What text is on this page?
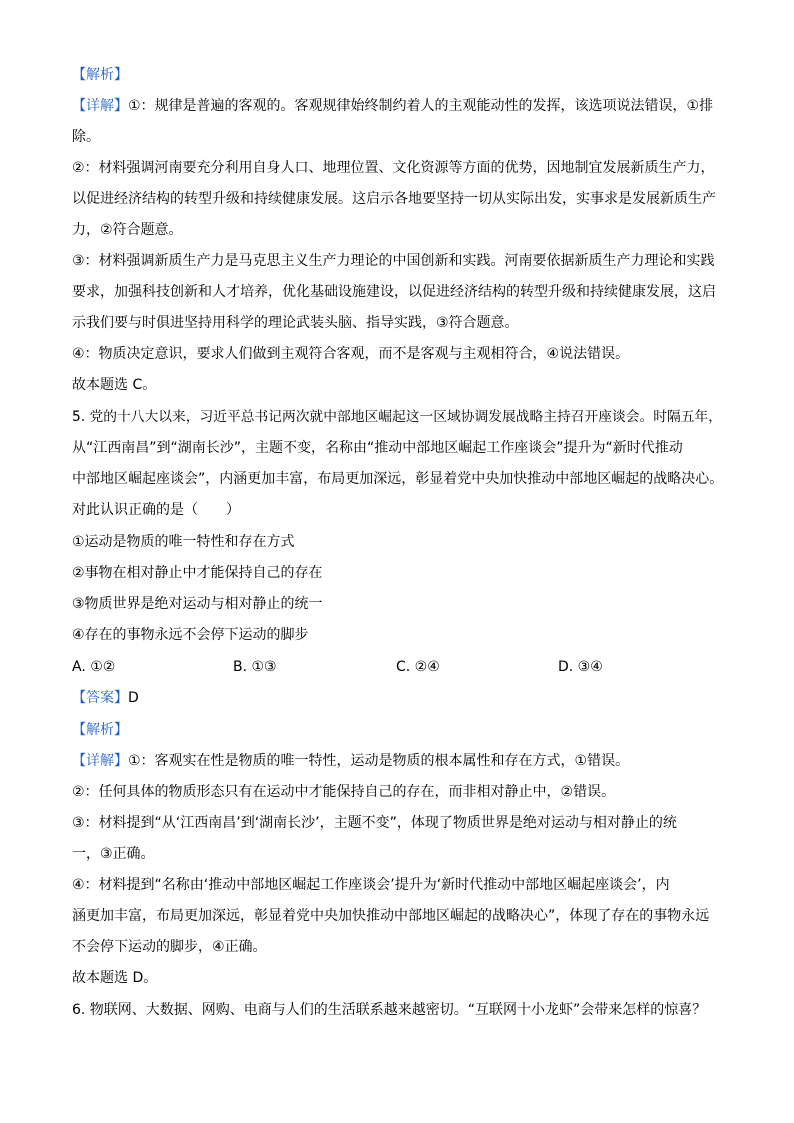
【解析】
【详解】①：规律是普遍的客观的。客观规律始终制约着人的主观能动性的发挥，该选项说法错误，①排
除。
②：材料强调河南要充分利用自身人口、地理位置、文化资源等方面的优势，因地制宜发展新质生产力，
以促进经济结构的转型升级和持续健康发展。这启示各地要坚持一切从实际出发，实事求是发展新质生产
力，②符合题意。
③：材料强调新质生产力是马克思主义生产力理论的中国创新和实践。河南要依据新质生产力理论和实践
要求，加强科技创新和人才培养，优化基础设施建设，以促进经济结构的转型升级和持续健康发展，这启
示我们要与时俱进坚持用科学的理论武装头脑、指导实践，③符合题意。
④：物质决定意识，要求人们做到主观符合客观，而不是客观与主观相符合，④说法错误。
故本题选 C。
5. 党的十八大以来，习近平总书记两次就中部地区崛起这一区域协调发展战略主持召开座谈会。时隔五年，
从“江西南昌”到“湖南长沙”，主题不变，名称由“推动中部地区崛起工作座谈会”提升为“新时代推动
中部地区崛起座谈会”，内涵更加丰富，布局更加深远，彰显着党中央加快推动中部地区崛起的战略决心。
对此认识正确的是（　　）
①运动是物质的唯一特性和存在方式
②事物在相对静止中才能保持自己的存在
③物质世界是绝对运动与相对静止的统一
④存在的事物永远不会停下运动的脚步
A. ①②	B. ①③	C. ②④	D. ③④
【答案】D
【解析】
【详解】①：客观实在性是物质的唯一特性，运动是物质的根本属性和存在方式，①错误。
②：任何具体的物质形态只有在运动中才能保持自己的存在，而非相对静止中，②错误。
③：材料提到“从‘江西南昌’到‘湖南长沙’，主题不变”，体现了物质世界是绝对运动与相对静止的统
一，③正确。
④：材料提到“名称由‘推动中部地区崛起工作座谈会’提升为‘新时代推动中部地区崛起座谈会’，内
涵更加丰富，布局更加深远，彰显着党中央加快推动中部地区崛起的战略决心”，体现了存在的事物永远
不会停下运动的脚步，④正确。
故本题选 D。
6. 物联网、大数据、网购、电商与人们的生活联系越来越密切。“互联网十小龙虾”会带来怎样的惊喜？
